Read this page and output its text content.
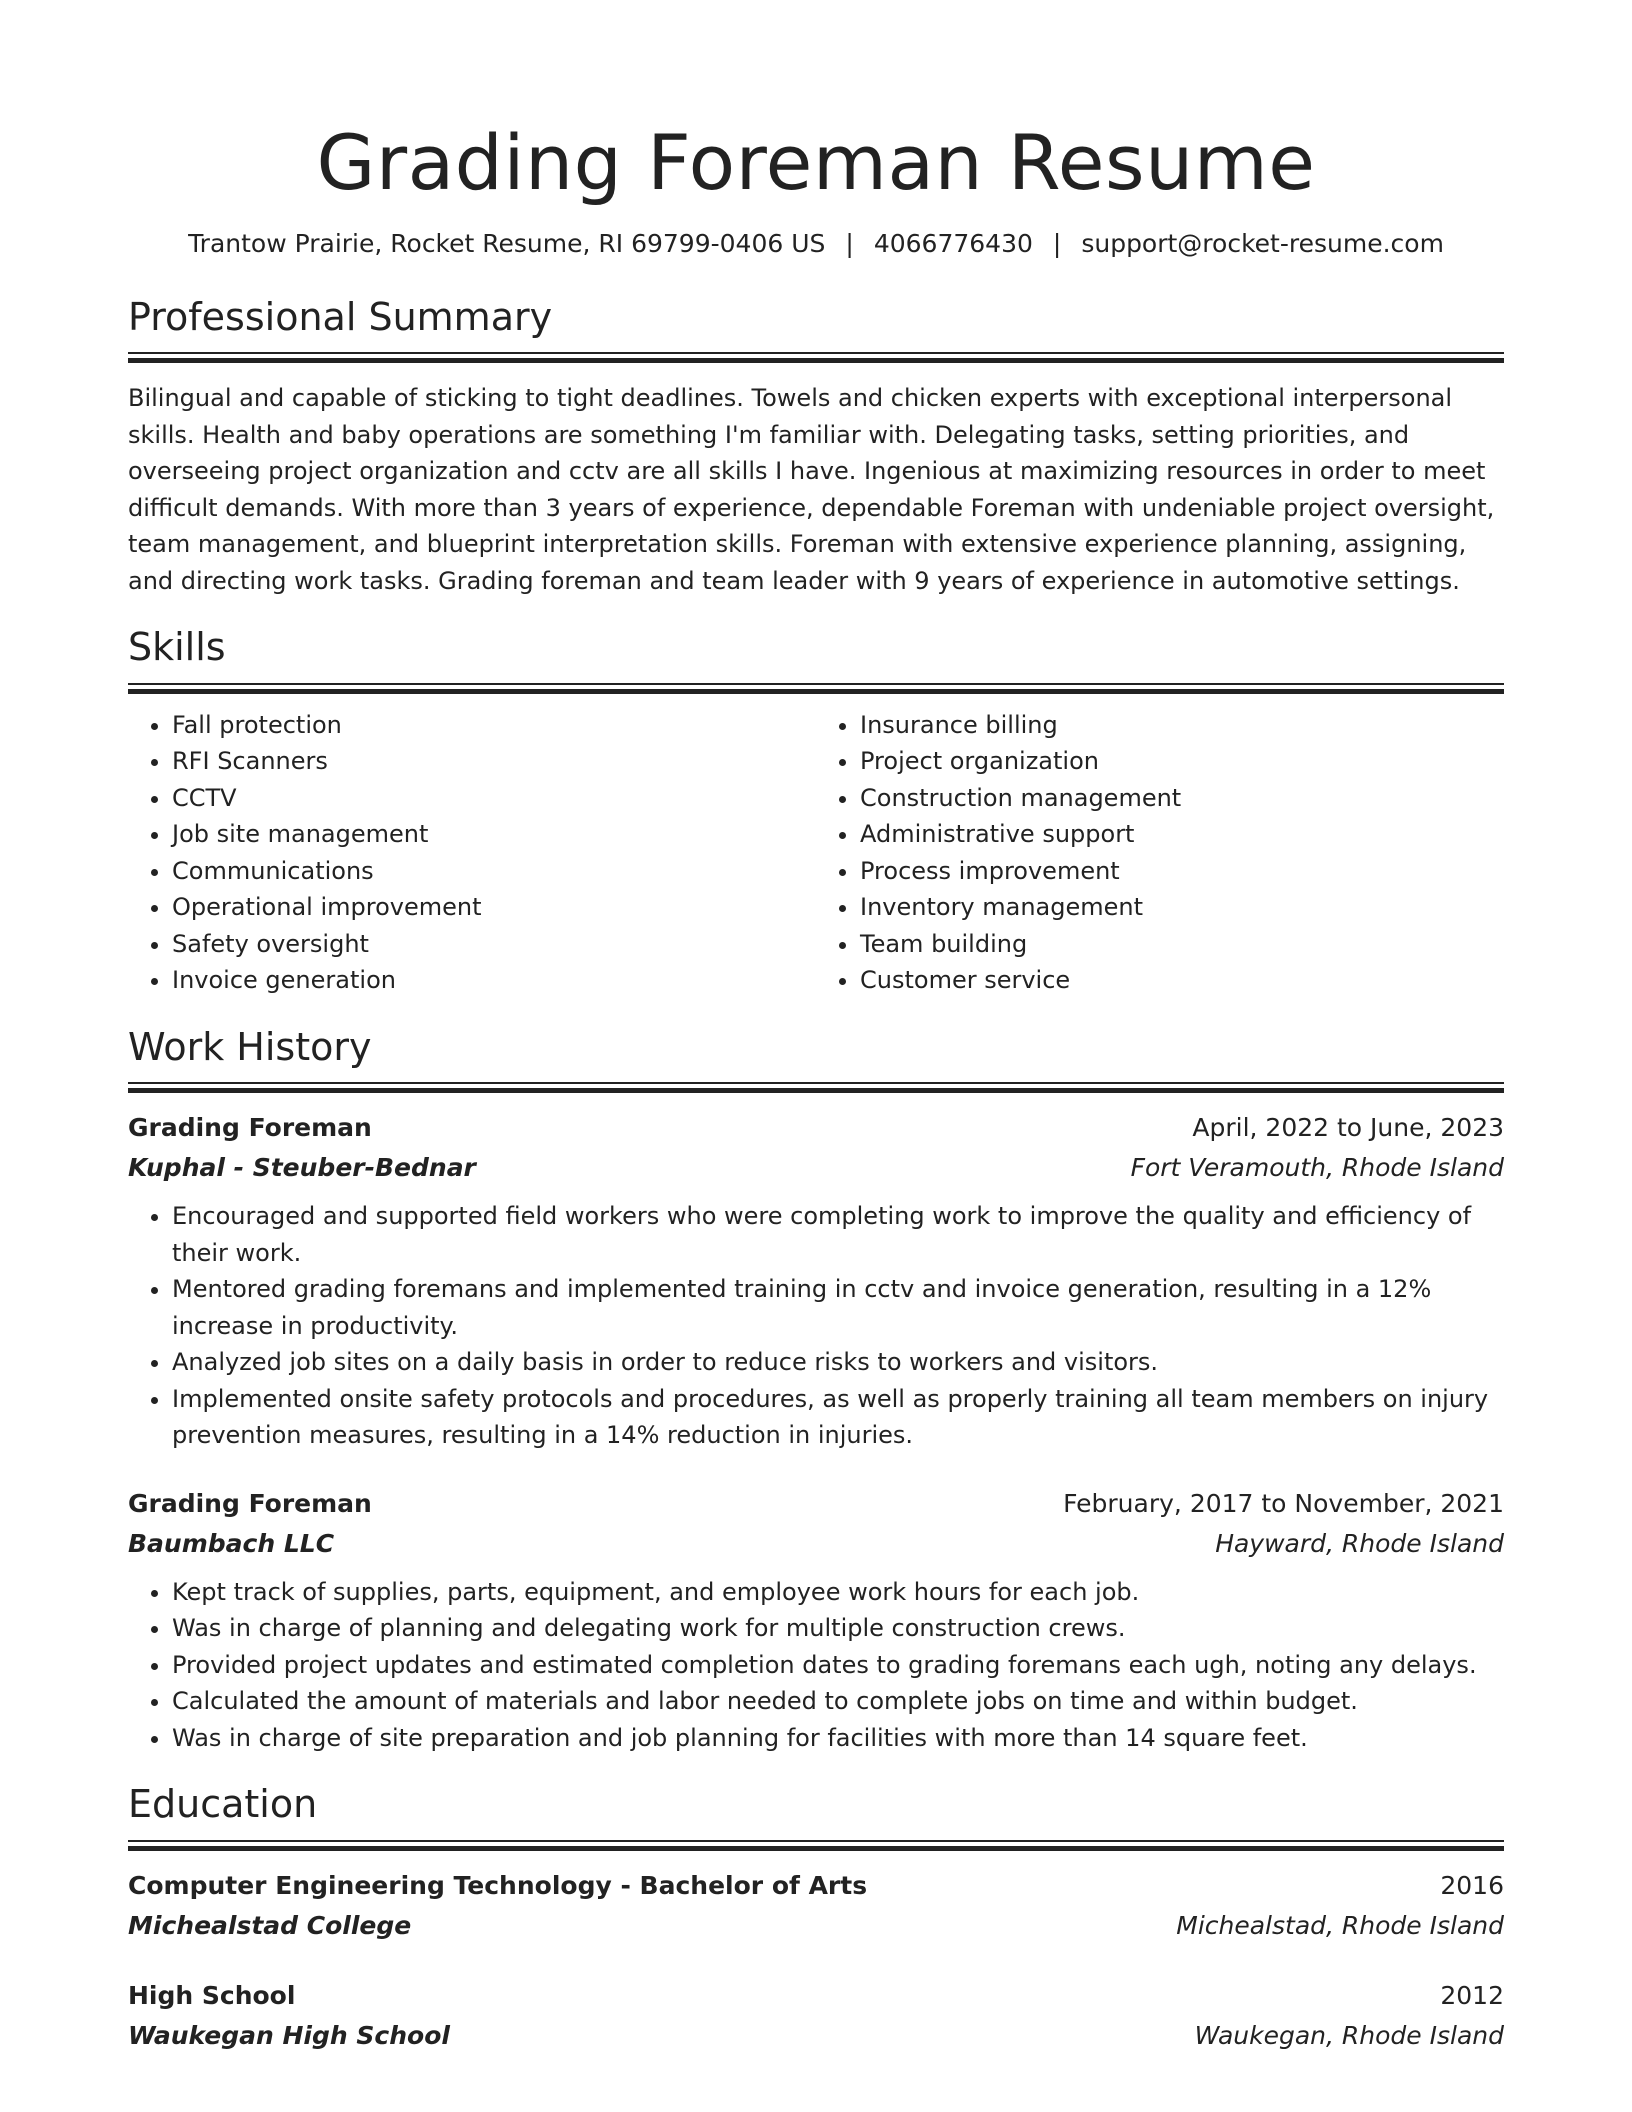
Grading Foreman Resume
Trantow Prairie, Rocket Resume, RI 69799-0406 US | 4066776430 | support@rocket-resume.com
Professional Summary
Bilingual and capable of sticking to tight deadlines. Towels and chicken experts with exceptional interpersonal skills. Health and baby operations are something I'm familiar with. Delegating tasks, setting priorities, and overseeing project organization and cctv are all skills I have. Ingenious at maximizing resources in order to meet difficult demands. With more than 3 years of experience, dependable Foreman with undeniable project oversight, team management, and blueprint interpretation skills. Foreman with extensive experience planning, assigning, and directing work tasks. Grading foreman and team leader with 9 years of experience in automotive settings.
Skills
• Fall protection
• RFI Scanners
• CCTV
• Job site management
• Communications
• Operational improvement
• Safety oversight
• Invoice generation
• Insurance billing
• Project organization
• Construction management
• Administrative support
• Process improvement
• Inventory management
• Team building
• Customer service
Work History
Grading Foreman	April, 2022 to June, 2023
Kuphal - Steuber-Bednar	Fort Veramouth, Rhode Island
• Encouraged and supported field workers who were completing work to improve the quality and efficiency of their work.
• Mentored grading foremans and implemented training in cctv and invoice generation, resulting in a 12% increase in productivity.
• Analyzed job sites on a daily basis in order to reduce risks to workers and visitors.
• Implemented onsite safety protocols and procedures, as well as properly training all team members on injury prevention measures, resulting in a 14% reduction in injuries.
Grading Foreman	February, 2017 to November, 2021
Baumbach LLC	Hayward, Rhode Island
• Kept track of supplies, parts, equipment, and employee work hours for each job.
• Was in charge of planning and delegating work for multiple construction crews.
• Provided project updates and estimated completion dates to grading foremans each ugh, noting any delays.
• Calculated the amount of materials and labor needed to complete jobs on time and within budget.
• Was in charge of site preparation and job planning for facilities with more than 14 square feet.
Education
Computer Engineering Technology - Bachelor of Arts	2016
Michealstad College	Michealstad, Rhode Island
High School	2012
Waukegan High School	Waukegan, Rhode Island
